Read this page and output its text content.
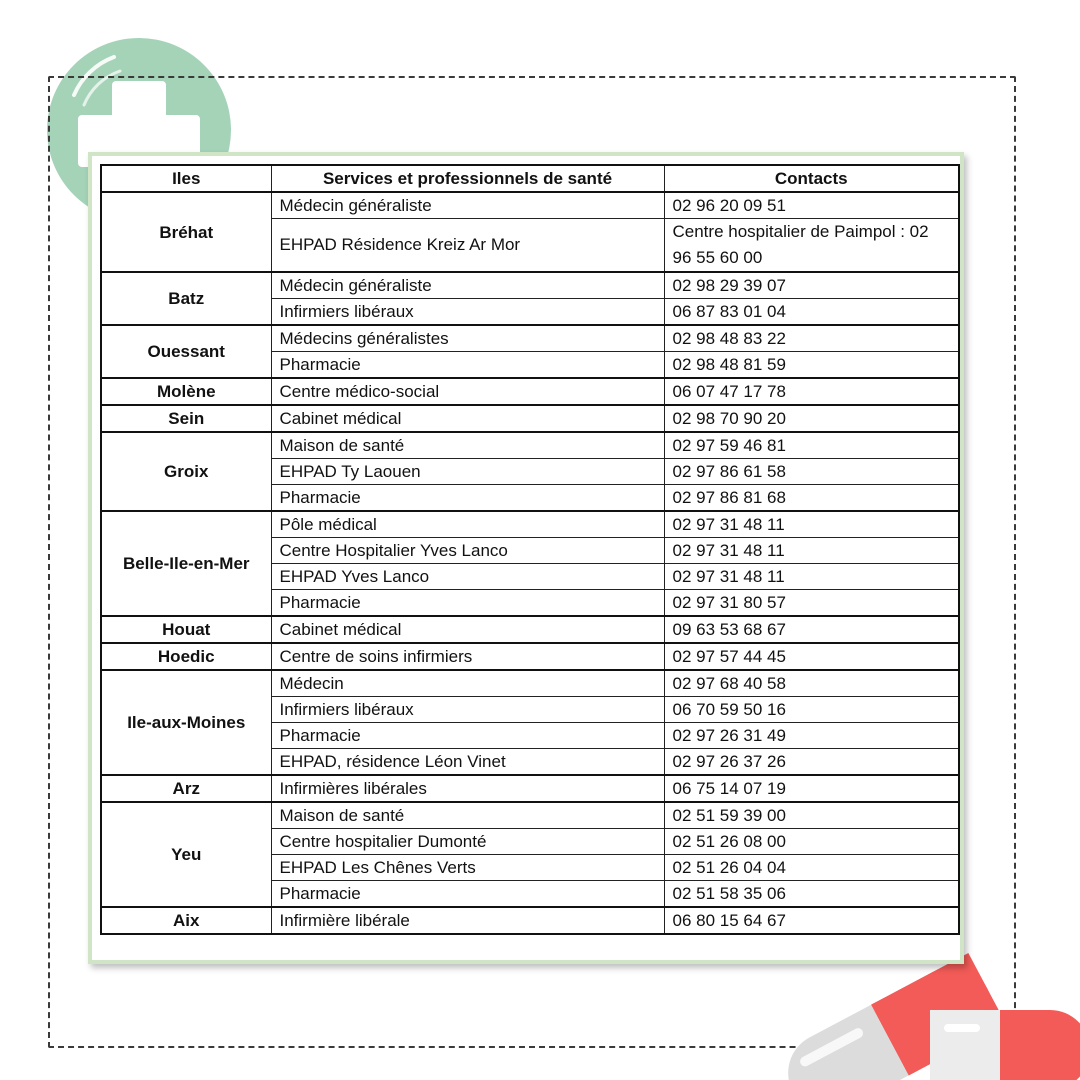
Iles	Services et professionnels de santé	Contacts
Bréhat	Médecin généraliste	02 96 20 09 51
	EHPAD Résidence Kreiz Ar Mor	Centre hospitalier de Paimpol : 02 96 55 60 00
Batz	Médecin généraliste	02 98 29 39 07
	Infirmiers libéraux	06 87 83 01 04
Ouessant	Médecins généralistes	02 98 48 83 22
	Pharmacie	02 98 48 81 59
Molène	Centre médico-social	06 07 47 17 78
Sein	Cabinet médical	02 98 70 90 20
Groix	Maison de santé	02 97 59 46 81
	EHPAD Ty Laouen	02 97 86 61 58
	Pharmacie	02 97 86 81 68
Belle-Ile-en-Mer	Pôle médical	02 97 31 48 11
	Centre Hospitalier Yves Lanco	02 97 31 48 11
	EHPAD Yves Lanco	02 97 31 48 11
	Pharmacie	02 97 31 80 57
Houat	Cabinet médical	09 63 53 68 67
Hoedic	Centre de soins infirmiers	02 97 57 44 45
Ile-aux-Moines	Médecin	02 97 68 40 58
	Infirmiers libéraux	06 70 59 50 16
	Pharmacie	02 97 26 31 49
	EHPAD, résidence Léon Vinet	02 97 26 37 26
Arz	Infirmières libérales	06 75 14 07 19
Yeu	Maison de santé	02 51 59 39 00
	Centre hospitalier Dumonté	02 51 26 08 00
	EHPAD Les Chênes Verts	02 51 26 04 04
	Pharmacie	02 51 58 35 06
Aix	Infirmière libérale	06 80 15 64 67
